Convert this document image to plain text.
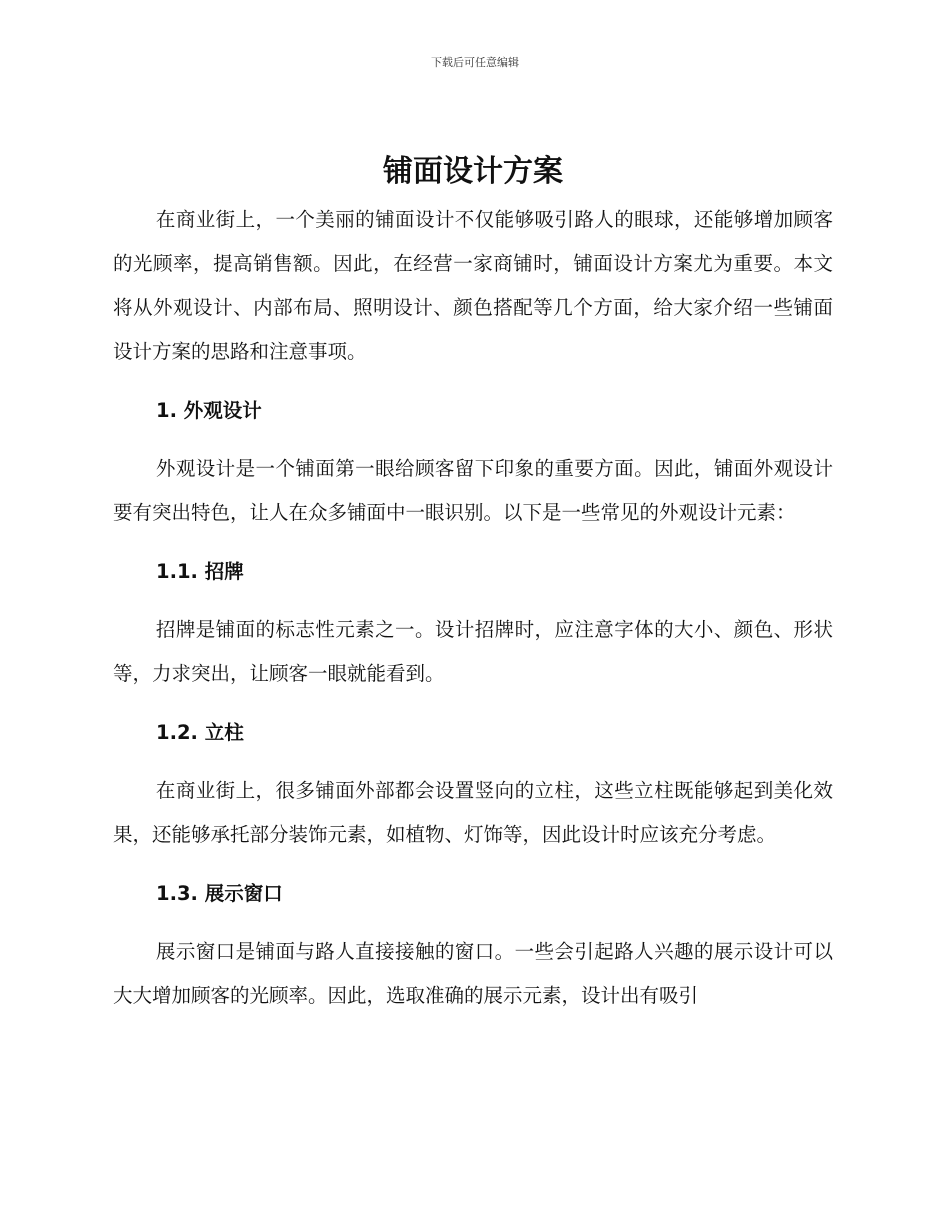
下载后可任意编辑
铺面设计方案

在商业街上，一个美丽的铺面设计不仅能够吸引路人的眼球，还能够增加顾客的光顾率，提高销售额。因此，在经营一家商铺时，铺面设计方案尤为重要。本文将从外观设计、内部布局、照明设计、颜色搭配等几个方面，给大家介绍一些铺面设计方案的思路和注意事项。

1. 外观设计

外观设计是一个铺面第一眼给顾客留下印象的重要方面。因此，铺面外观设计要有突出特色，让人在众多铺面中一眼识别。以下是一些常见的外观设计元素：

1.1. 招牌

招牌是铺面的标志性元素之一。设计招牌时，应注意字体的大小、颜色、形状等，力求突出，让顾客一眼就能看到。

1.2. 立柱

在商业街上，很多铺面外部都会设置竖向的立柱，这些立柱既能够起到美化效果，还能够承托部分装饰元素，如植物、灯饰等，因此设计时应该充分考虑。

1.3. 展示窗口

展示窗口是铺面与路人直接接触的窗口。一些会引起路人兴趣的展示设计可以大大增加顾客的光顾率。因此，选取准确的展示元素，设计出有吸引
